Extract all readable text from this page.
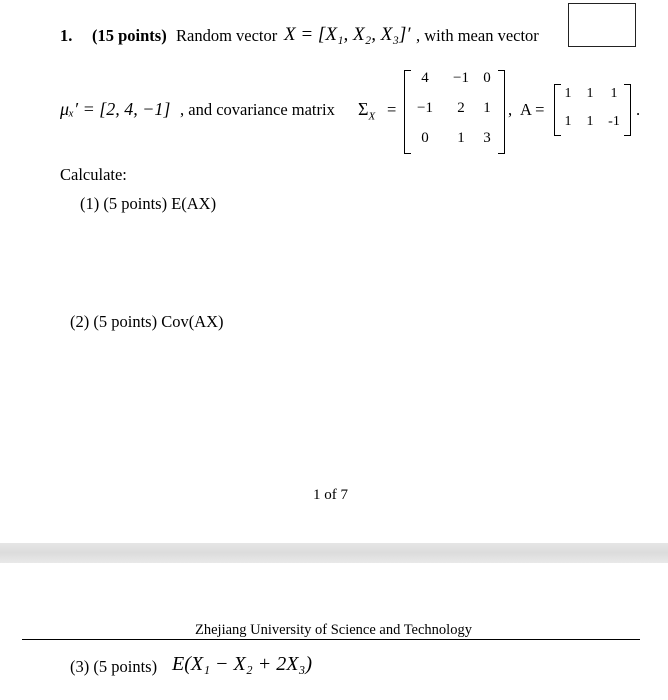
1. (15 points) Random vector X = [X₁, X₂, X₃]′ , with mean vector
μₓ′ = [2, 4, −1] , and covariance matrix $\Sigma_X$ =
4	−1 0
−1	2	1
0	1	3
, A =
1	1	1
1	1	-1
.
Calculate:
(1) (5 points) E(AX)
(2) (5 points) Cov(AX)
1 of 7
Zhejiang University of Science and Technology
(3) (5 points) E(X₁ − X₂ + 2X₃)
